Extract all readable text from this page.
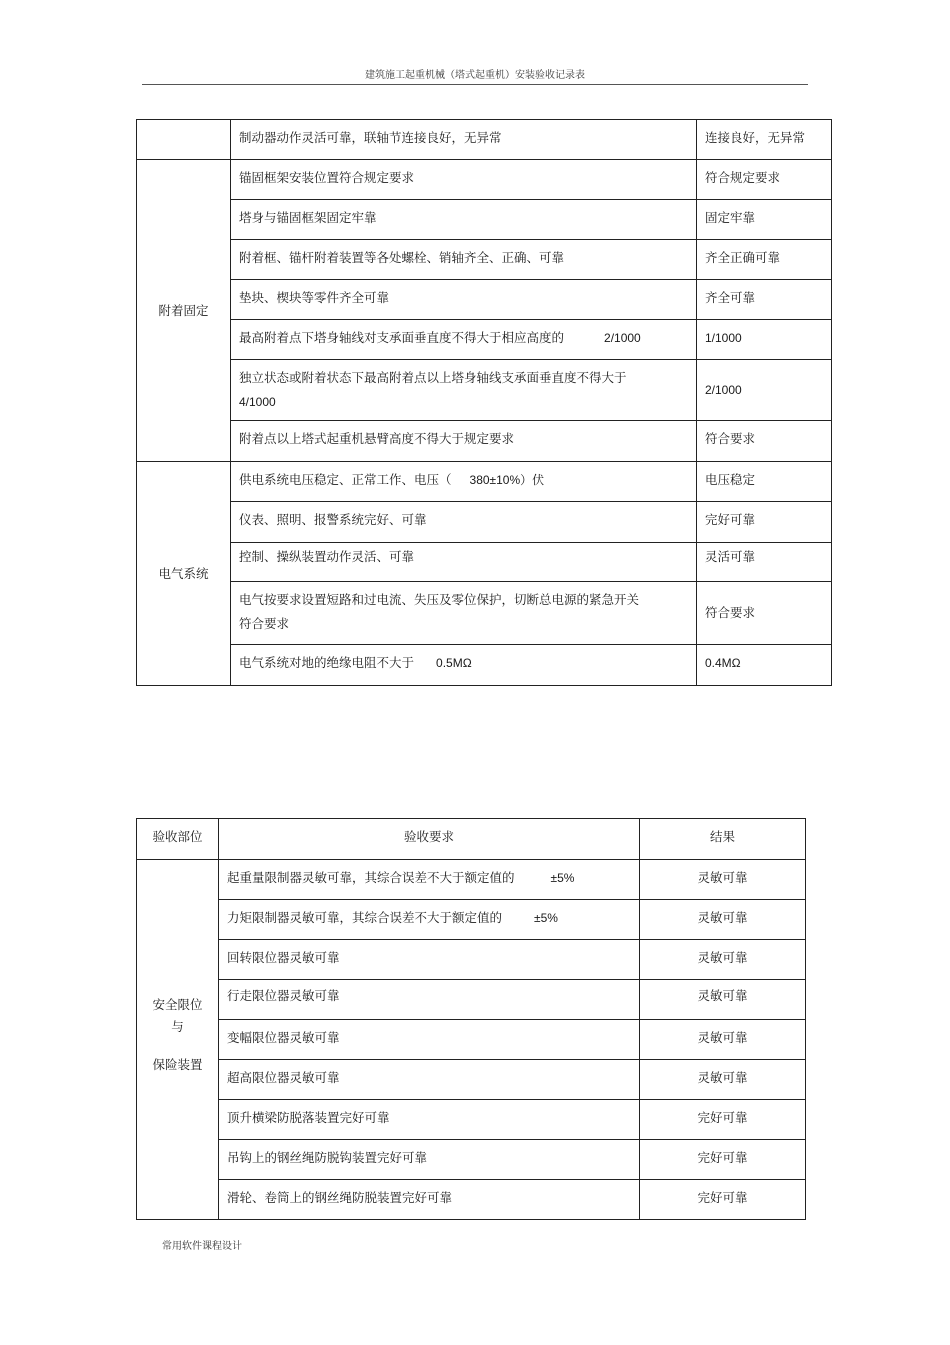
建筑施工起重机械（塔式起重机）安装验收记录表
	制动器动作灵活可靠，联轴节连接良好，无异常	连接良好，无异常
附着固定	锚固框架安装位置符合规定要求	符合规定要求
	塔身与锚固框架固定牢靠	固定牢靠
	附着框、锚杆附着装置等各处螺栓、销轴齐全、正确、可靠	齐全正确可靠
	垫块、楔块等零件齐全可靠	齐全可靠
	最高附着点下塔身轴线对支承面垂直度不得大于相应高度的 2/1000	1/1000

	独立状态或附着状态下最高附着点以上塔身轴线支承面垂直度不得大于
4/1000	2/1000
	附着点以上塔式起重机悬臂高度不得大于规定要求	符合要求
电气系统	供电系统电压稳定、正常工作、电压（ 380±10%）伏	电压稳定
	仪表、照明、报警系统完好、可靠	完好可靠
	控制、操纵装置动作灵活、可靠	灵活可靠
	电气按要求设置短路和过电流、失压及零位保护，切断总电源的紧急开关符合要求	符合要求
	电气系统对地的绝缘电阻不大于 0.5MΩ	0.4MΩ
验收部位	验收要求	结果

安全限位
与
保险装置	起重量限制器灵敏可靠，其综合误差不大于额定值的 ±5%	灵敏可靠
	力矩限制器灵敏可靠，其综合误差不大于额定值的 ±5%	灵敏可靠
	回转限位器灵敏可靠	灵敏可靠
	行走限位器灵敏可靠	灵敏可靠
	变幅限位器灵敏可靠	灵敏可靠
	超高限位器灵敏可靠	灵敏可靠
	顶升横梁防脱落装置完好可靠	完好可靠
	吊钩上的钢丝绳防脱钩装置完好可靠	完好可靠
	滑轮、卷筒上的钢丝绳防脱装置完好可靠	完好可靠
常用软件课程设计
